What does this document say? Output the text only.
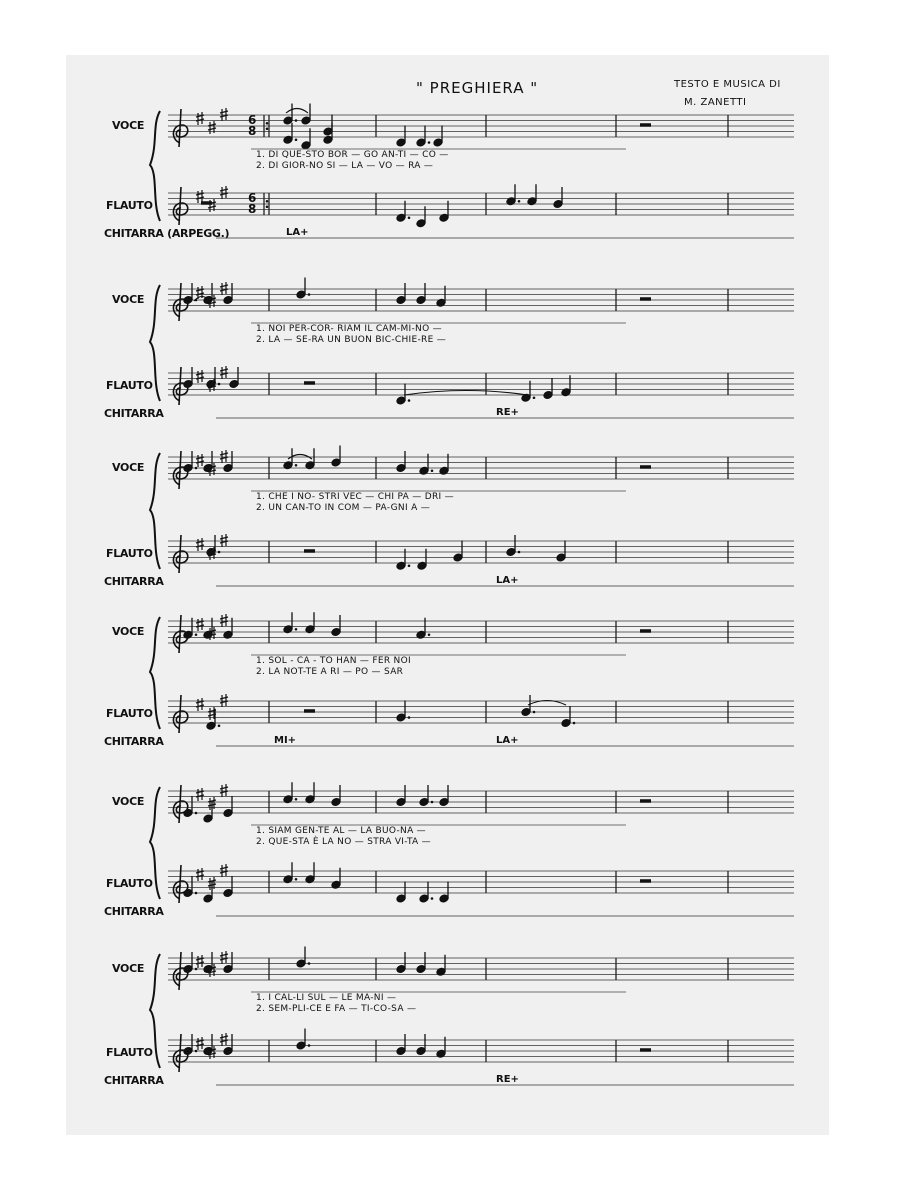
" PREGHIERA "	TESTO E MUSICA DI
M. ZANETTI
6
6
8
8
VOCE
FLAUTO
CHITARRA (ARPEGG.)
1. DI QUE-STO BOR — GO AN-TI — CO —
2. DI GIOR-NO SI — LA — VO — RA —
LA+
VOCE
FLAUTO
CHITARRA
1. NOI PER-COR- RIAM IL CAM-MI-NO —
2. LA — SE-RA UN BUON BIC-CHIE-RE —
RE+
VOCE
FLAUTO
CHITARRA
1. CHE I NO- STRI VEC — CHI PA — DRI —
2. UN CAN-TO IN COM — PA-GNI A —
LA+
VOCE
FLAUTO
CHITARRA
1. SOL - CA - TO HAN — FER NOI
2. LA NOT-TE A RI — PO — SAR
MI+	LA+
VOCE
FLAUTO
CHITARRA
1. SIAM GEN-TE AL — LA BUO-NA —
2. QUE-STA È LA NO — STRA VI-TA —
VOCE
FLAUTO
CHITARRA
1. I CAL-LI SUL — LE MA-NI —
2. SEM-PLI-CE E FA — TI-CO-SA —
RE+
